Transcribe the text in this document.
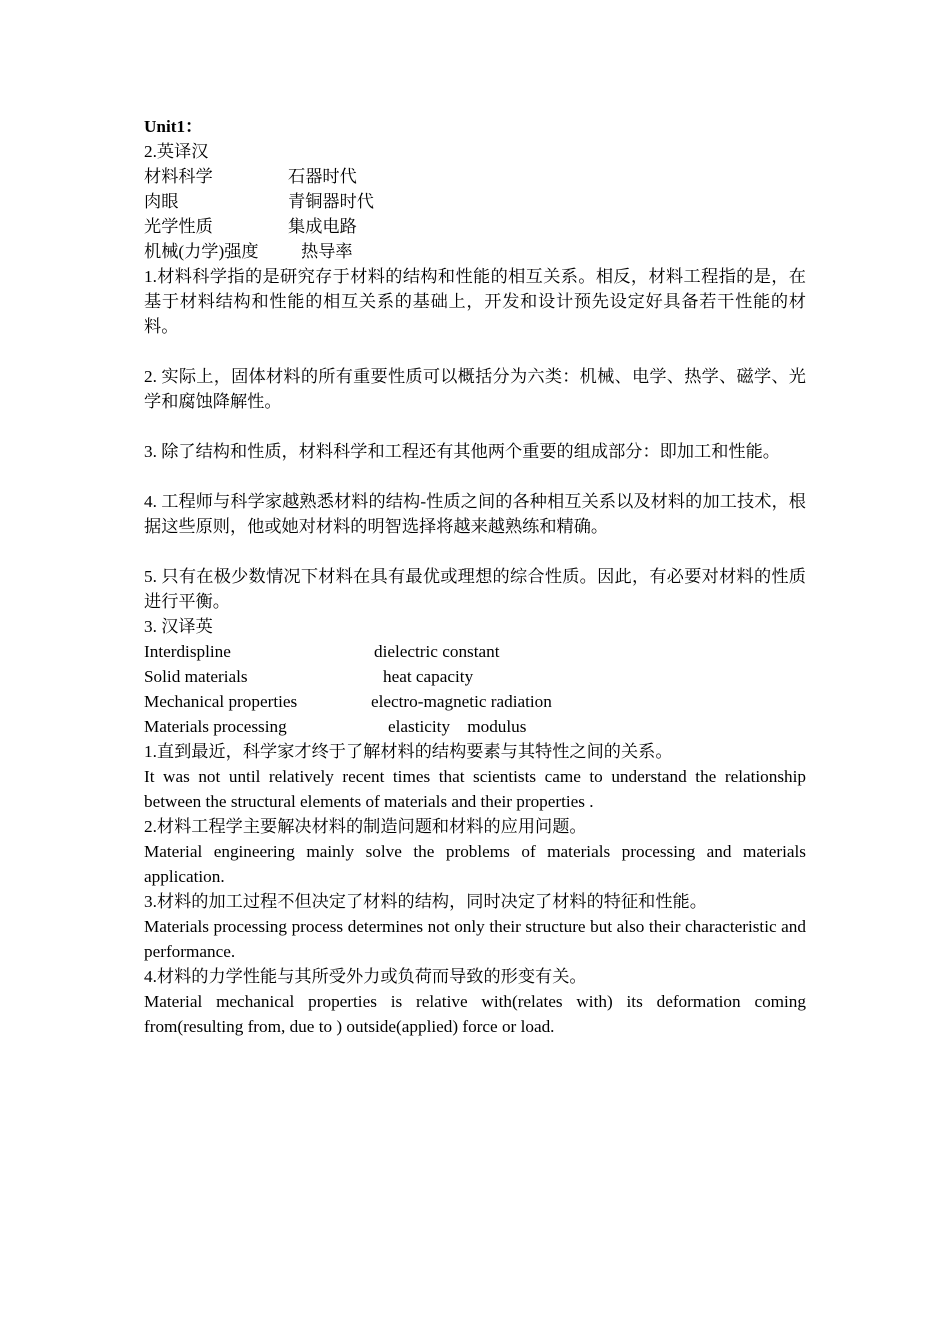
Unit1：
2.英译汉
材料科学	石器时代
肉眼	青铜器时代
光学性质	集成电路
机械(力学)强度 热导率
1.材料科学指的是研究存于材料的结构和性能的相互关系。相反，材料工程指的是，在基于材料结构和性能的相互关系的基础上，开发和设计预先设定好具备若干性能的材料。
2. 实际上，固体材料的所有重要性质可以概括分为六类：机械、电学、热学、磁学、光学和腐蚀降解性。
3. 除了结构和性质，材料科学和工程还有其他两个重要的组成部分：即加工和性能。
4. 工程师与科学家越熟悉材料的结构-性质之间的各种相互关系以及材料的加工技术，根据这些原则，他或她对材料的明智选择将越来越熟练和精确。
5. 只有在极少数情况下材料在具有最优或理想的综合性质。因此，有必要对材料的性质进行平衡。
3. 汉译英
Interdispline	dielectric constant
Solid materials	heat capacity
Mechanical properties	electro-magnetic radiation
Materials processing	elasticity    modulus
1.直到最近，科学家才终于了解材料的结构要素与其特性之间的关系。
It was not until relatively recent times that scientists came to understand the relationship between the structural elements of materials and their properties .
2.材料工程学主要解决材料的制造问题和材料的应用问题。
Material engineering mainly solve the problems of materials processing and materials application.
3.材料的加工过程不但决定了材料的结构，同时决定了材料的特征和性能。
Materials processing process determines not only their structure but also their characteristic and performance.
4.材料的力学性能与其所受外力或负荷而导致的形变有关。
Material mechanical properties is relative with(relates with) its deformation coming from(resulting from, due to ) outside(applied) force or load.
